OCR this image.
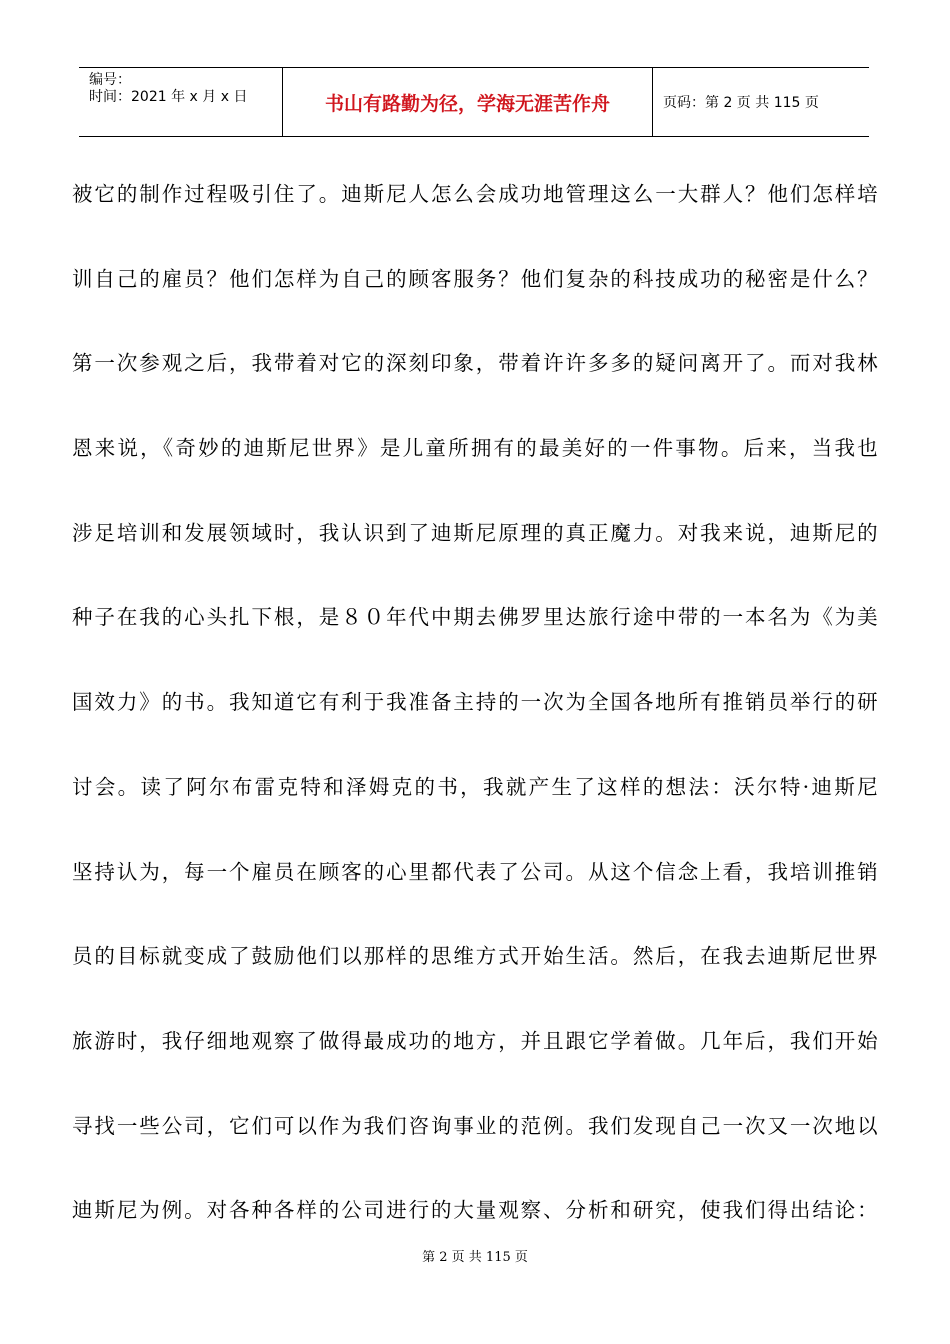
编号：
时间：2021 年 x 月 x 日	书山有路勤为径，学海无涯苦作舟	页码：第 2 页 共 115 页
被它的制作过程吸引住了。迪斯尼人怎么会成功地管理这么一大群人？他们怎样培
训自己的雇员？他们怎样为自己的顾客服务？他们复杂的科技成功的秘密是什么？
第一次参观之后，我带着对它的深刻印象，带着许许多多的疑问离开了。而对我林
恩来说，《奇妙的迪斯尼世界》是儿童所拥有的最美好的一件事物。后来，当我也
涉足培训和发展领域时，我认识到了迪斯尼原理的真正魔力。对我来说，迪斯尼的
种子在我的心头扎下根，是８０年代中期去佛罗里达旅行途中带的一本名为《为美
国效力》的书。我知道它有利于我准备主持的一次为全国各地所有推销员举行的研
讨会。读了阿尔布雷克特和泽姆克的书，我就产生了这样的想法：沃尔特·迪斯尼
坚持认为，每一个雇员在顾客的心里都代表了公司。从这个信念上看，我培训推销
员的目标就变成了鼓励他们以那样的思维方式开始生活。然后，在我去迪斯尼世界
旅游时，我仔细地观察了做得最成功的地方，并且跟它学着做。几年后，我们开始
寻找一些公司，它们可以作为我们咨询事业的范例。我们发现自己一次又一次地以
迪斯尼为例。对各种各样的公司进行的大量观察、分析和研究，使我们得出结论：
第 2 页 共 115 页
